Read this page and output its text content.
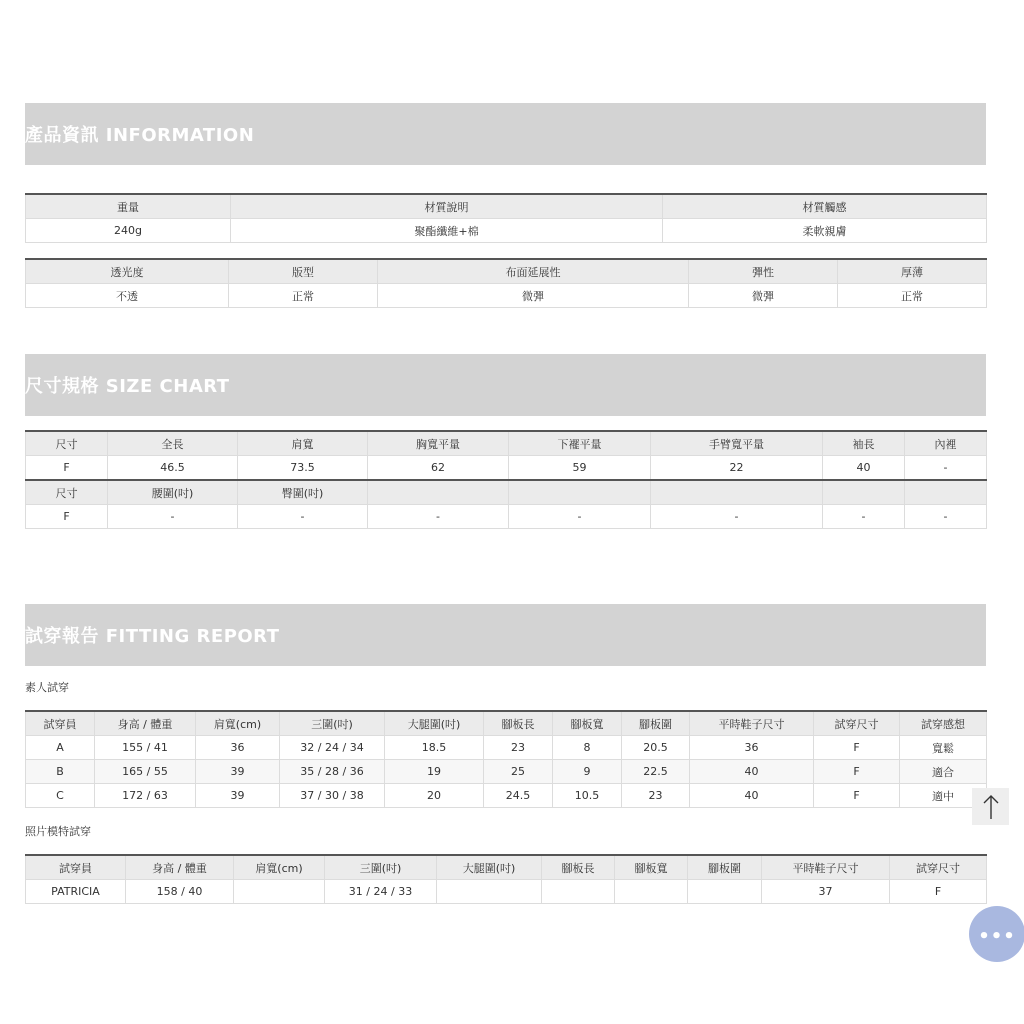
產品資訊 INFORMATION
重量	材質說明	材質觸感
240g	聚酯纖維+棉	柔軟親膚
透光度	版型	布面延展性	彈性	厚薄
不透	正常	微彈	微彈	正常
尺寸規格 SIZE CHART
尺寸	全長	肩寬	胸寬平量	下襬平量	手臂寬平量	袖長	內裡
F	46.5	73.5	62	59	22	40	-
尺寸	腰圍(吋)	臀圍(吋)					
F	-	-	-	-	-	-	-
試穿報告 FITTING REPORT
素人試穿
試穿員	身高 / 體重	肩寬(cm)	三圍(吋)	大腿圍(吋)	腳板長	腳板寬	腳板圍	平時鞋子尺寸	試穿尺寸	試穿感想
A	155 / 41	36	32 / 24 / 34	18.5	23	8	20.5	36	F	寬鬆
B	165 / 55	39	35 / 28 / 36	19	25	9	22.5	40	F	適合
C	172 / 63	39	37 / 30 / 38	20	24.5	10.5	23	40	F	適中
照片模特試穿
試穿員	身高 / 體重	肩寬(cm)	三圍(吋)	大腿圍(吋)	腳板長	腳板寬	腳板圍	平時鞋子尺寸	試穿尺寸
PATRICIA	158 / 40		31 / 24 / 33					37	F
•••
